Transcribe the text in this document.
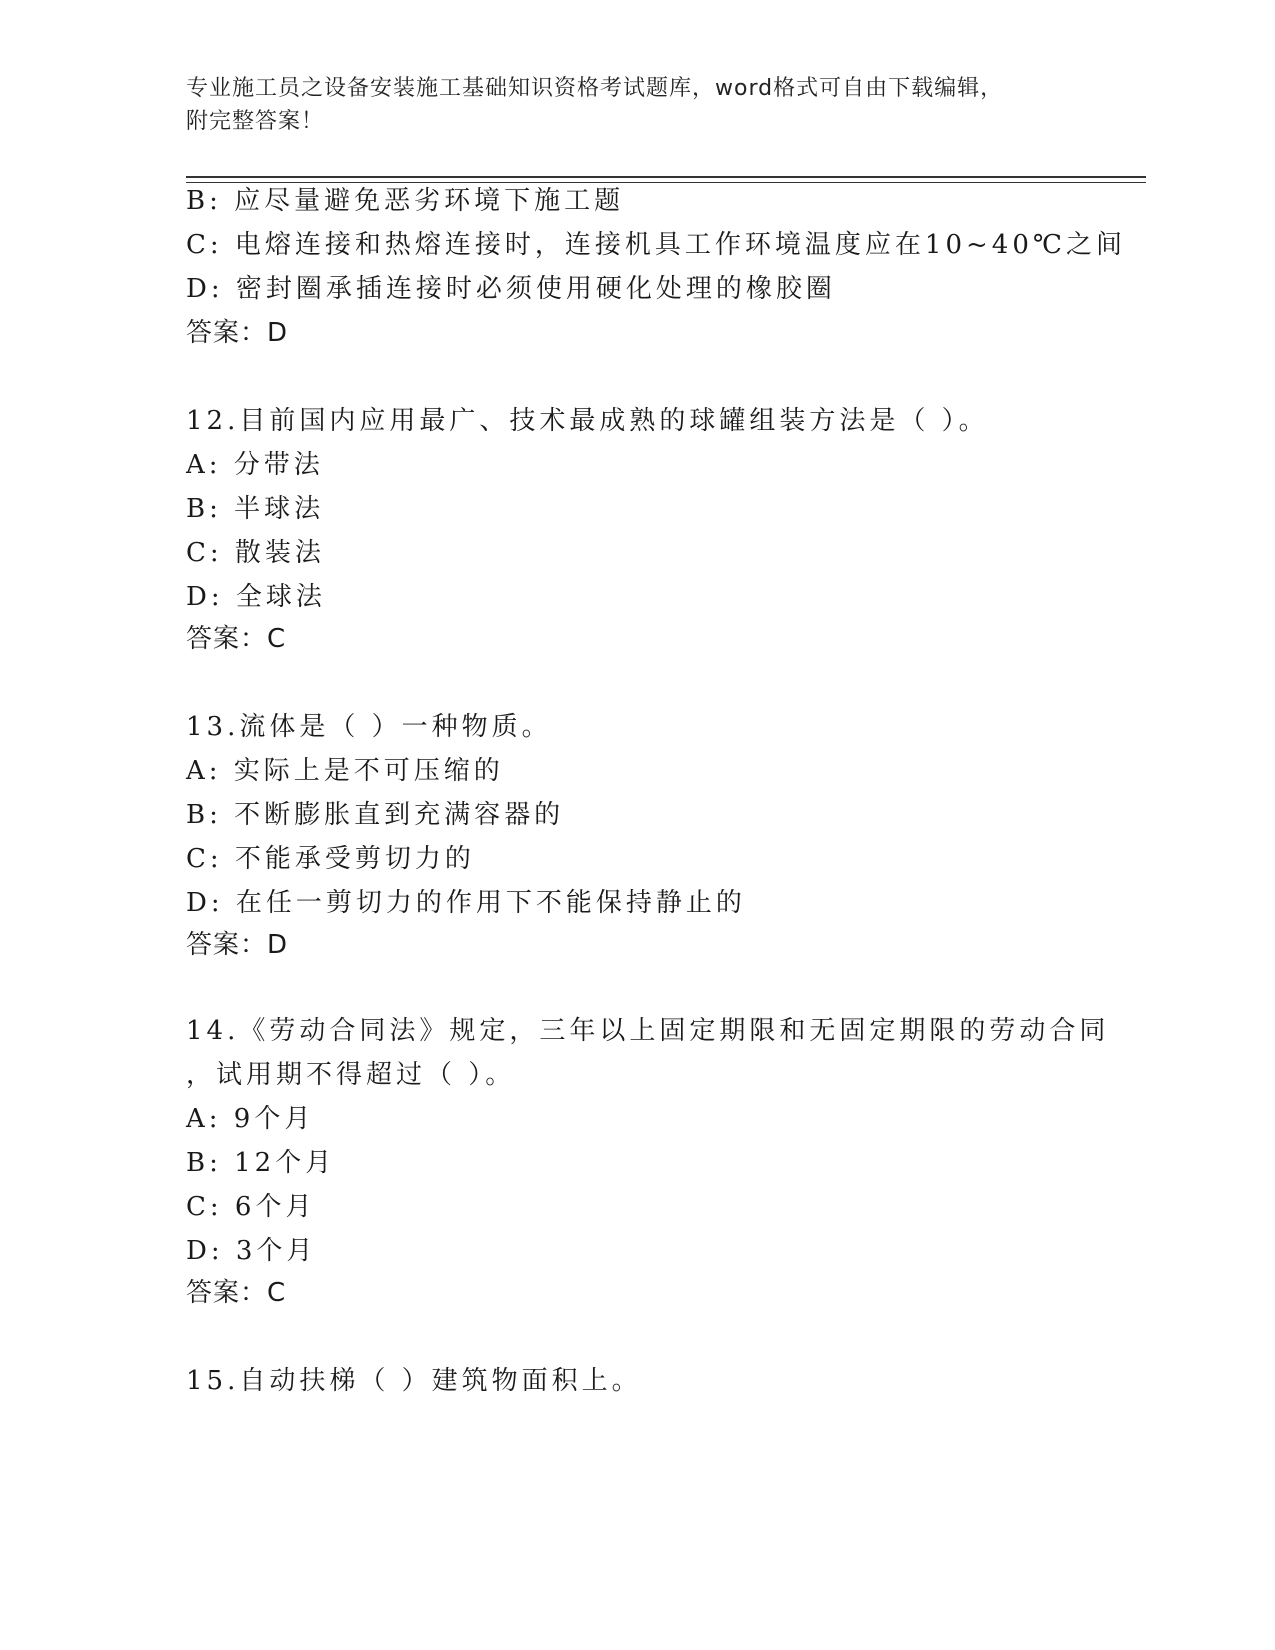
专业施工员之设备安装施工基础知识资格考试题库，word格式可自由下载编辑，
附完整答案！
B: 应尽量避免恶劣环境下施工题
C: 电熔连接和热熔连接时，连接机具工作环境温度应在10~40℃之间
D: 密封圈承插连接时必须使用硬化处理的橡胶圈
答案：D
12.目前国内应用最广、技术最成熟的球罐组装方法是（ ）。
A: 分带法
B: 半球法
C: 散装法
D: 全球法
答案：C
13.流体是（ ）一种物质。
A: 实际上是不可压缩的
B: 不断膨胀直到充满容器的
C: 不能承受剪切力的
D: 在任一剪切力的作用下不能保持静止的
答案：D
14.《劳动合同法》规定，三年以上固定期限和无固定期限的劳动合同
，试用期不得超过（ ）。
A: 9个月
B: 12个月
C: 6个月
D: 3个月
答案：C
15.自动扶梯（ ）建筑物面积上。
